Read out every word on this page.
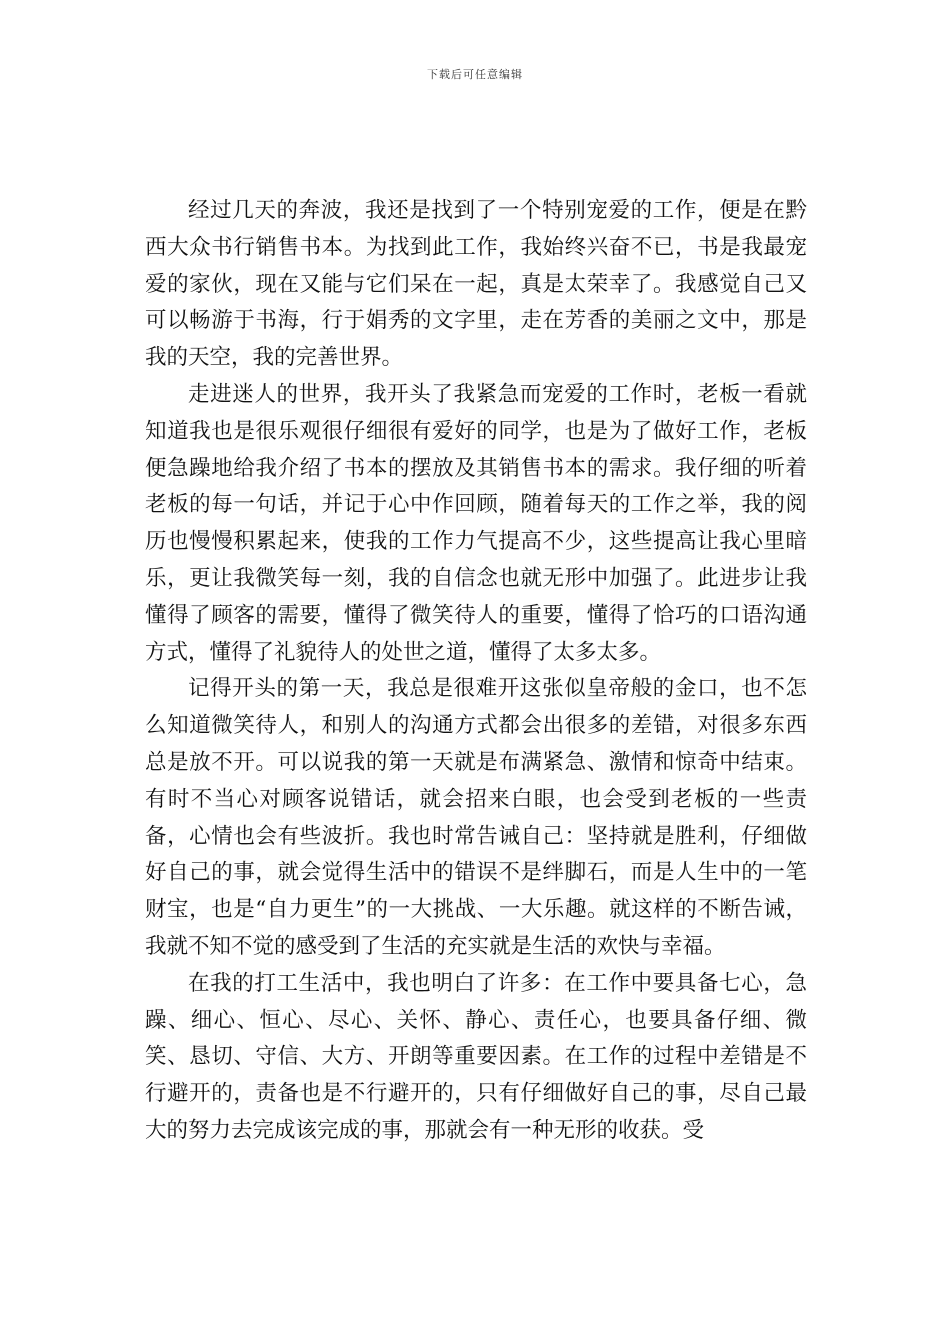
下载后可任意编辑

经过几天的奔波，我还是找到了一个特别宠爱的工作，便是在黔西大众书行销售书本。为找到此工作，我始终兴奋不已，书是我最宠爱的家伙，现在又能与它们呆在一起，真是太荣幸了。我感觉自己又可以畅游于书海，行于娟秀的文字里，走在芳香的美丽之文中，那是我的天空，我的完善世界。

走进迷人的世界，我开头了我紧急而宠爱的工作时，老板一看就知道我也是很乐观很仔细很有爱好的同学，也是为了做好工作，老板便急躁地给我介绍了书本的摆放及其销售书本的需求。我仔细的听着老板的每一句话，并记于心中作回顾，随着每天的工作之举，我的阅历也慢慢积累起来，使我的工作力气提高不少，这些提高让我心里暗乐，更让我微笑每一刻，我的自信念也就无形中加强了。此进步让我懂得了顾客的需要，懂得了微笑待人的重要，懂得了恰巧的口语沟通方式，懂得了礼貌待人的处世之道，懂得了太多太多。

记得开头的第一天，我总是很难开这张似皇帝般的金口，也不怎么知道微笑待人，和别人的沟通方式都会出很多的差错，对很多东西总是放不开。可以说我的第一天就是布满紧急、激情和惊奇中结束。有时不当心对顾客说错话，就会招来白眼，也会受到老板的一些责备，心情也会有些波折。我也时常告诫自己：坚持就是胜利，仔细做好自己的事，就会觉得生活中的错误不是绊脚石，而是人生中的一笔财宝，也是“自力更生”的一大挑战、一大乐趣。就这样的不断告诫，我就不知不觉的感受到了生活的充实就是生活的欢快与幸福。

在我的打工生活中，我也明白了许多：在工作中要具备七心，急躁、细心、恒心、尽心、关怀、静心、责任心，也要具备仔细、微笑、恳切、守信、大方、开朗等重要因素。在工作的过程中差错是不行避开的，责备也是不行避开的，只有仔细做好自己的事，尽自己最大的努力去完成该完成的事，那就会有一种无形的收获。受
